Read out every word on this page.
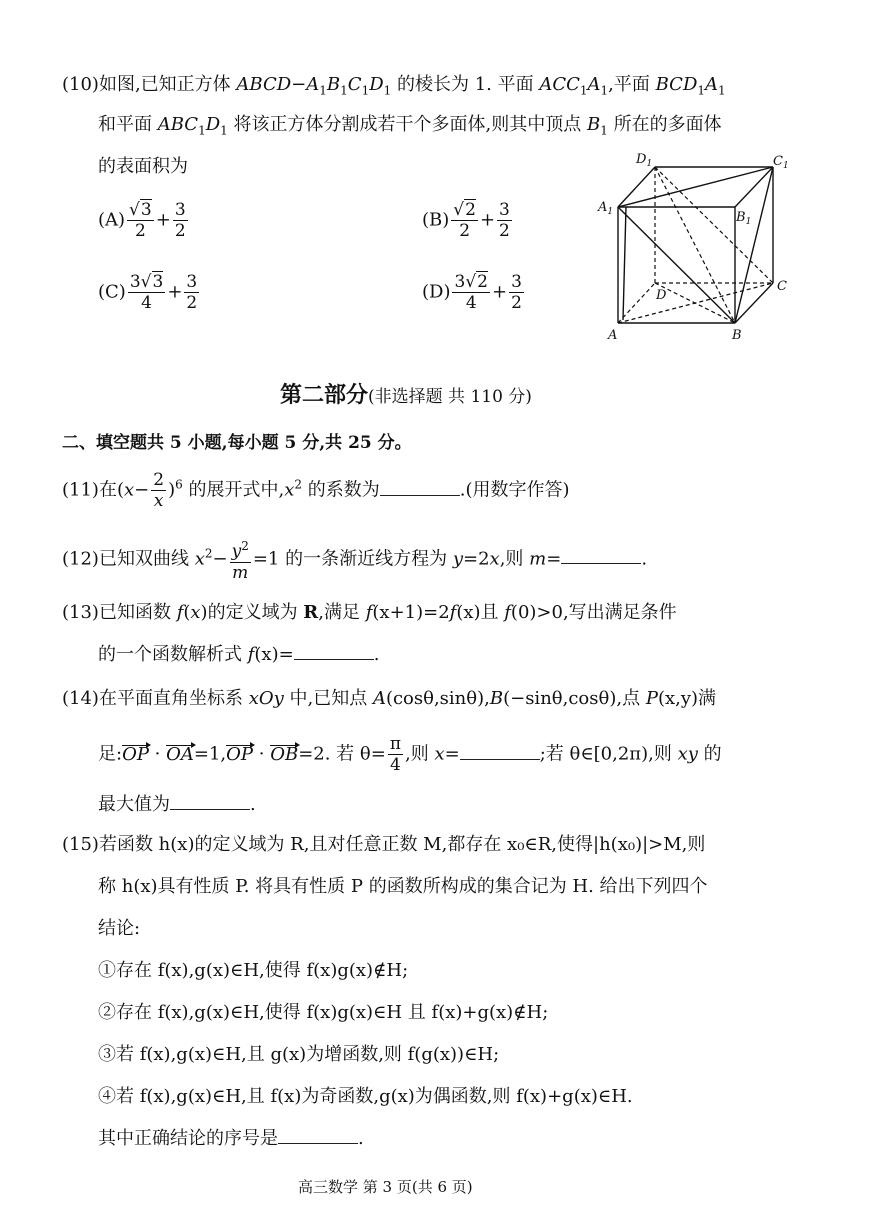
(10)如图,已知正方体 $ABCD-A_1B_1C_1D_1$ 的棱长为 1. 平面 $ACC_1A_1$,平面 $BCD_1A_1$
和平面 $ABC_1D_1$ 将该正方体分割成若干个多面体,则其中顶点 $B_1$ 所在的多面体
的表面积为
$(A) \frac{√3}{2} + \frac{3}{2}$	$(B) \frac{√2}{2} + \frac{3}{2}$
$(C) \frac{3√3}{4} + \frac{3}{2}$	$(D) \frac{3√2}{4} + \frac{3}{2}$
$D_1$	$C_1$
$A_1$	$B_1$
D
C
A	B
第二部分(非选择题 共 110 分)
二、填空题共 5 小题,每小题 5 分,共 25 分。
(11)在$(x- \frac{2}{x} )^6$ 的展开式中$,x^2$ 的系数为	.(用数字作答)
(12)已知双曲线 $x^2- \frac{y^2}{m} =1$ 的一条渐近线方程为 y=2x,则 m=	.
(13)已知函数 f(x)的定义域为 R,满足 f(x+1)=2f(x)且 f(0)>0,写出满足条件
的一个函数解析式 f(x)=	.
(14)在平面直角坐标系 xOy 中,已知点 A(cosθ,sinθ),B(−sinθ,cosθ),点 P(x,y)满
足:OP · OA=1,OP · OB=2. 若 $\theta= \frac{\pi}{4}$ ,则 x=	;若 θ∈[0,2π),则 xy 的
最大值为	.
(15)若函数 h(x)的定义域为 R,且对任意正数 M,都存在 x₀∈R,使得|h(x₀)|>M,则
称 h(x)具有性质 P. 将具有性质 P 的函数所构成的集合记为 H. 给出下列四个
结论:
①存在 f(x),g(x)∈H,使得 f(x)g(x)∉H;
②存在 f(x),g(x)∈H,使得 f(x)g(x)∈H 且 f(x)+g(x)∉H;
③若 f(x),g(x)∈H,且 g(x)为增函数,则 f(g(x))∈H;
④若 f(x),g(x)∈H,且 f(x)为奇函数,g(x)为偶函数,则 f(x)+g(x)∈H.
其中正确结论的序号是	.
高三数学 第 3 页(共 6 页)
